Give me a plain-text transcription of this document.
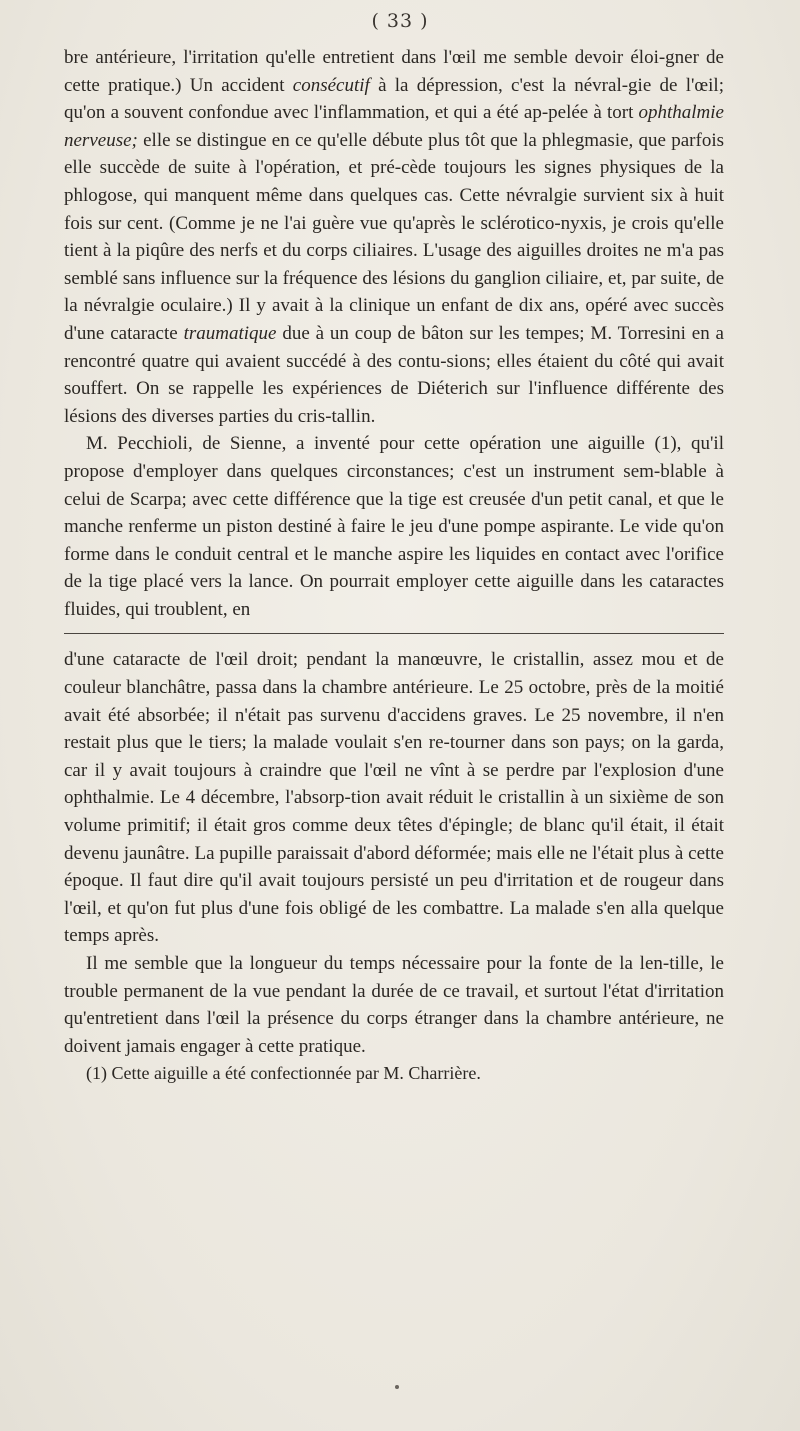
( 33 )

bre antérieure, l'irritation qu'elle entretient dans l'œil me semble devoir éloi-gner de cette pratique.) Un accident consécutif à la dépression, c'est la névral-gie de l'œil; qu'on a souvent confondue avec l'inflammation, et qui a été ap-pelée à tort ophthalmie nerveuse; elle se distingue en ce qu'elle débute plus tôt que la phlegmasie, que parfois elle succède de suite à l'opération, et pré-cède toujours les signes physiques de la phlogose, qui manquent même dans quelques cas. Cette névralgie survient six à huit fois sur cent. (Comme je ne l'ai guère vue qu'après le sclérotico-nyxis, je crois qu'elle tient à la piqûre des nerfs et du corps ciliaires. L'usage des aiguilles droites ne m'a pas semblé sans influence sur la fréquence des lésions du ganglion ciliaire, et, par suite, de la névralgie oculaire.) Il y avait à la clinique un enfant de dix ans, opéré avec succès d'une cataracte traumatique due à un coup de bâton sur les tempes; M. Torresini en a rencontré quatre qui avaient succédé à des contu-sions; elles étaient du côté qui avait souffert. On se rappelle les expériences de Diéterich sur l'influence différente des lésions des diverses parties du cris-tallin.

M. Pecchioli, de Sienne, a inventé pour cette opération une aiguille (1), qu'il propose d'employer dans quelques circonstances; c'est un instrument sem-blable à celui de Scarpa; avec cette différence que la tige est creusée d'un petit canal, et que le manche renferme un piston destiné à faire le jeu d'une pompe aspirante. Le vide qu'on forme dans le conduit central et le manche aspire les liquides en contact avec l'orifice de la tige placé vers la lance. On pourrait employer cette aiguille dans les cataractes fluides, qui troublent, en

d'une cataracte de l'œil droit; pendant la manœuvre, le cristallin, assez mou et de couleur blanchâtre, passa dans la chambre antérieure. Le 25 octobre, près de la moitié avait été absorbée; il n'était pas survenu d'accidens graves. Le 25 novembre, il n'en restait plus que le tiers; la malade voulait s'en re-tourner dans son pays; on la garda, car il y avait toujours à craindre que l'œil ne vînt à se perdre par l'explosion d'une ophthalmie. Le 4 décembre, l'absorp-tion avait réduit le cristallin à un sixième de son volume primitif; il était gros comme deux têtes d'épingle; de blanc qu'il était, il était devenu jaunâtre. La pupille paraissait d'abord déformée; mais elle ne l'était plus à cette époque. Il faut dire qu'il avait toujours persisté un peu d'irritation et de rougeur dans l'œil, et qu'on fut plus d'une fois obligé de les combattre. La malade s'en alla quelque temps après.

Il me semble que la longueur du temps nécessaire pour la fonte de la len-tille, le trouble permanent de la vue pendant la durée de ce travail, et surtout l'état d'irritation qu'entretient dans l'œil la présence du corps étranger dans la chambre antérieure, ne doivent jamais engager à cette pratique.

(1) Cette aiguille a été confectionnée par M. Charrière.
